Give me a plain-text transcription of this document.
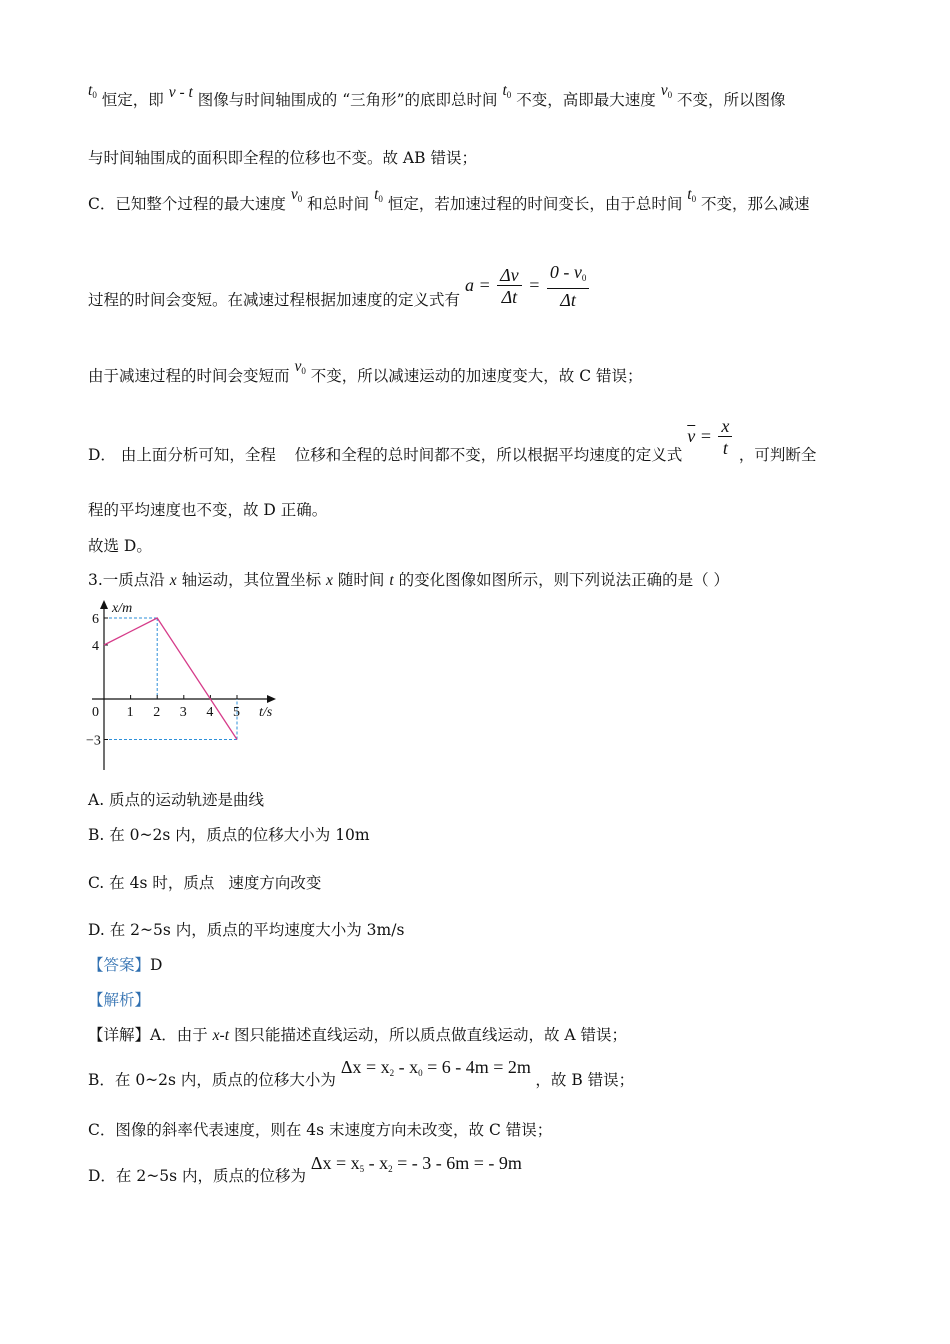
$t_0$ 恒定，即 v - t 图像与时间轴围成的 “三角形”的底即总时间 $t_0$ 不变，高即最大速度 $v_0$ 不变，所以图像
与时间轴围成的面积即全程的位移也不变。故 AB 错误；
C．已知整个过程的最大速度 $v_0$ 和总时间 $t_0$ 恒定，若加速过程的时间变长，由于总时间 $t_0$ 不变，那么减速
过程的时间会变短。在减速过程根据加速度的定义式有 $a = \frac{\Delta v}{\Delta t} = \frac{0 - v_0}{\Delta t}$
由于减速过程的时间会变短而 $v_0$ 不变，所以减速运动的加速度变大，故 C 错误；
D． 由上面分析可知，全程 位移和全程的总时间都不变，所以根据平均速度的定义式 $\overline{v} = \frac{x}{t}$ ，可判断全
程的平均速度也不变，故 D 正确。
故选 D。
3.一质点沿 x 轴运动，其位置坐标 x 随时间 t 的变化图像如图所示，则下列说法正确的是（ ）
x/m
t/s
0 1 2 3 4 5
6
4
−3
A. 质点的运动轨迹是曲线
B. 在 0~2s 内，质点的位移大小为 10m
C. 在 4s 时，质点 速度方向改变
D. 在 2~5s 内，质点的平均速度大小为 3m/s
【答案】D
【解析】
【详解】A．由于 x-t 图只能描述直线运动，所以质点做直线运动，故 A 错误；
B．在 0~2s 内，质点的位移大小为 $\Delta x = x_2 - x_0 = 6 - 4m = 2m$ ，故 B 错误；
C．图像的斜率代表速度，则在 4s 末速度方向未改变，故 C 错误；
D．在 2~5s 内，质点的位移为 $\Delta x = x_5 - x_2$ = - 3 - 6m = - 9m
